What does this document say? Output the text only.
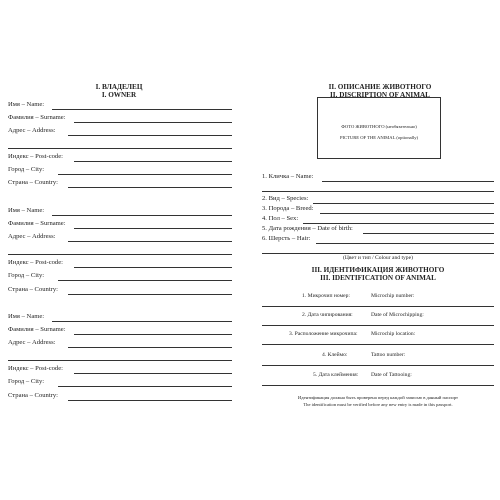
I. ВЛАДЕЛЕЦ
I. OWNER
Имя – Name:
Фамилия – Surname:
Адрес – Address:
Индекс – Post-code:
Город – City:
Страна – Country:
Имя – Name:
Фамилия – Surname:
Адрес – Address:
Индекс – Post-code:
Город – City:
Страна – Country:
Имя – Name:
Фамилия – Surname:
Адрес – Address:
Индекс – Post-code:
Город – City:
Страна – Country:
II. ОПИСАНИЕ ЖИВОТНОГО
II. DISCRIPTION OF ANIMAL
ФОТО ЖИВОТНОГО (необязательно)
PICTURE OF THE ANIMAL (optionally)
1. Кличка – Name:
2. Вид – Species:
3. Порода – Breed:
4. Пол – Sex:
5. Дата рождения – Date of birth:
6. Шерсть – Hair:
(Цвет и тип / Colour and type)
III. ИДЕНТИФИКАЦИЯ ЖИВОТНОГО
III. IDENTIFICATION OF ANIMAL
1. Микрочип номер:	Microchip number:
2. Дата чипирования:	Date of Microchipping:
3. Расположение микрочипа: Microchip location:
4. Клеймо:	Tattoo number:
5. Дата клеймения: Date of Tattooing:
Идентификация должна быть проверена перед каждой записью в данный паспорт
The identification must be verified before any new entry is made in this passport.
